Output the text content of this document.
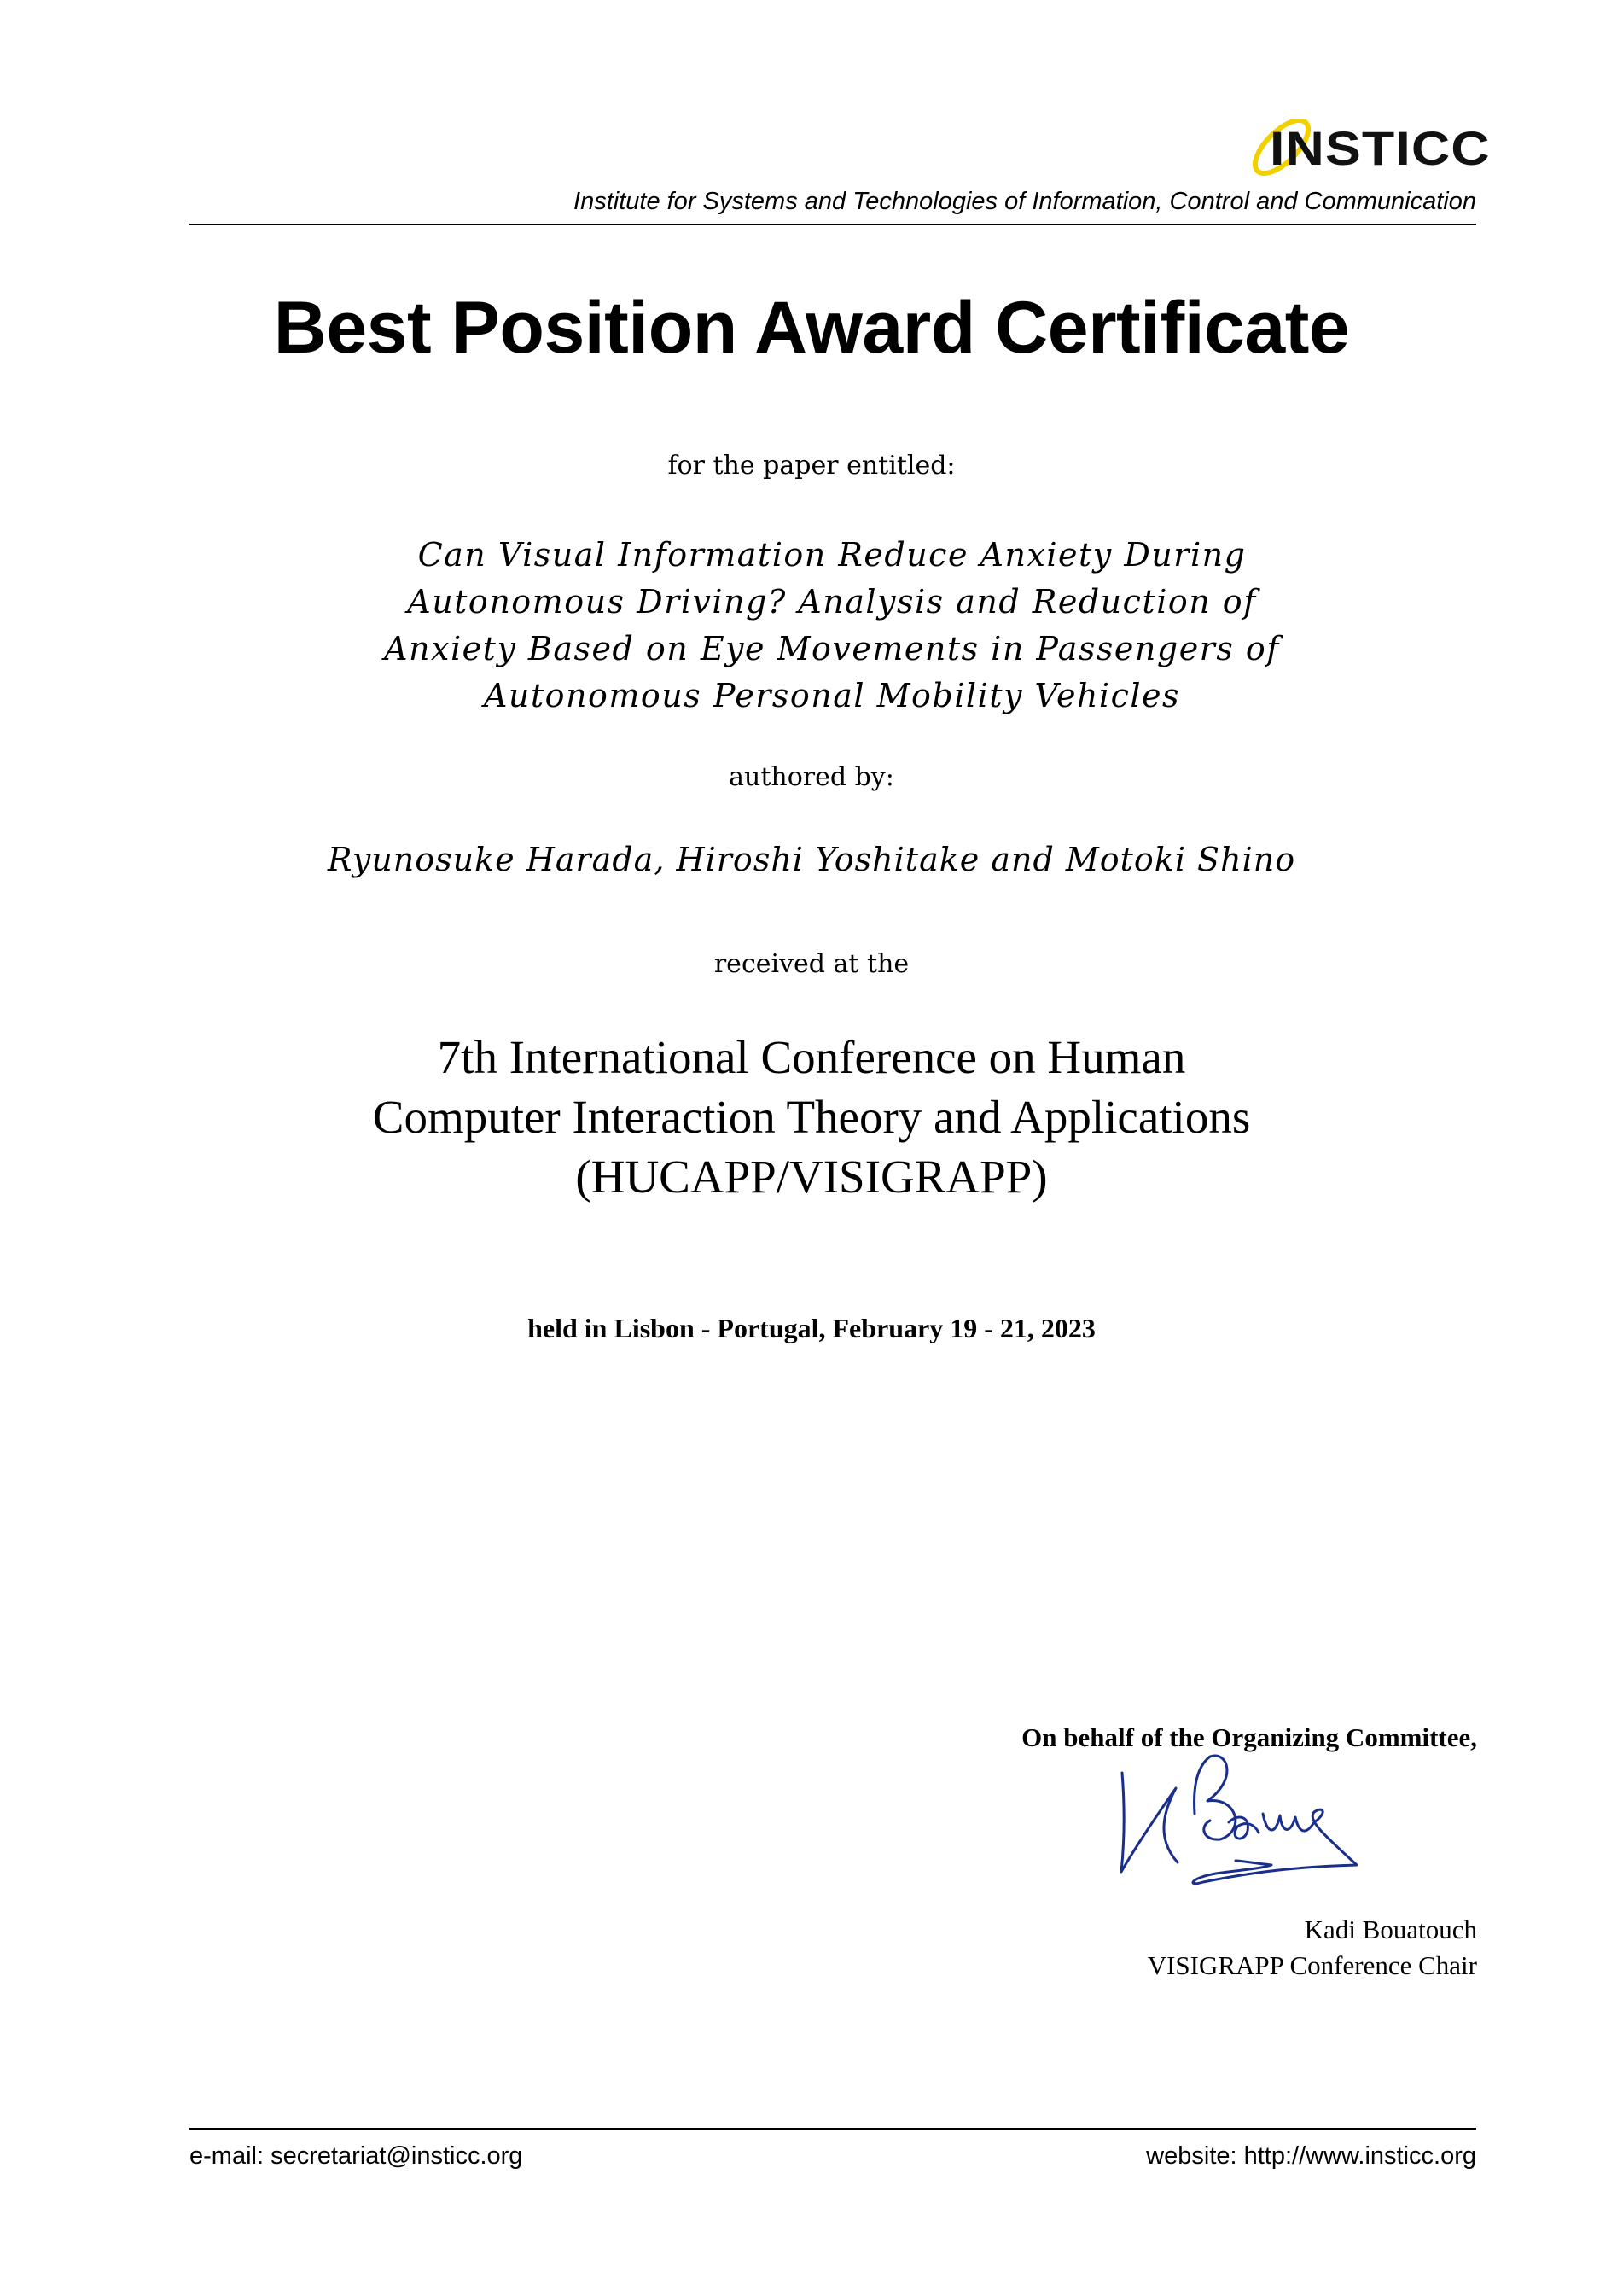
INSTICC
Institute for Systems and Technologies of Information, Control and Communication
Best Position Award Certificate
for the paper entitled:
Can Visual Information Reduce Anxiety During
Autonomous Driving? Analysis and Reduction of
Anxiety Based on Eye Movements in Passengers of
Autonomous Personal Mobility Vehicles
authored by:
Ryunosuke Harada, Hiroshi Yoshitake and Motoki Shino
received at the
7th International Conference on Human
Computer Interaction Theory and Applications
(HUCAPP/VISIGRAPP)
held in Lisbon - Portugal, February 19 - 21, 2023
On behalf of the Organizing Committee,
Kadi Bouatouch
VISIGRAPP Conference Chair
e-mail: secretariat@insticc.org	website: http://www.insticc.org
